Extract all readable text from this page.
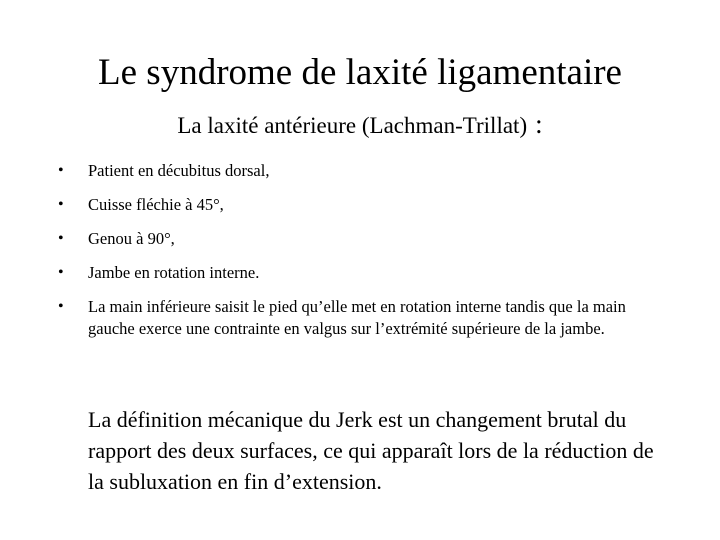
Le syndrome de laxité ligamentaire
La laxité antérieure (Lachman-Trillat) :
•	Patient en décubitus dorsal,
•	Cuisse fléchie à 45°,
•	Genou à 90°,
•	Jambe en rotation interne.
•	La main inférieure saisit le pied qu’elle met en rotation interne tandis que la main gauche exerce une contrainte en valgus sur l’extrémité supérieure de la jambe.
La définition mécanique du Jerk est un changement brutal du rapport des deux surfaces, ce qui apparaît lors de la réduction de la subluxation en fin d’extension.
